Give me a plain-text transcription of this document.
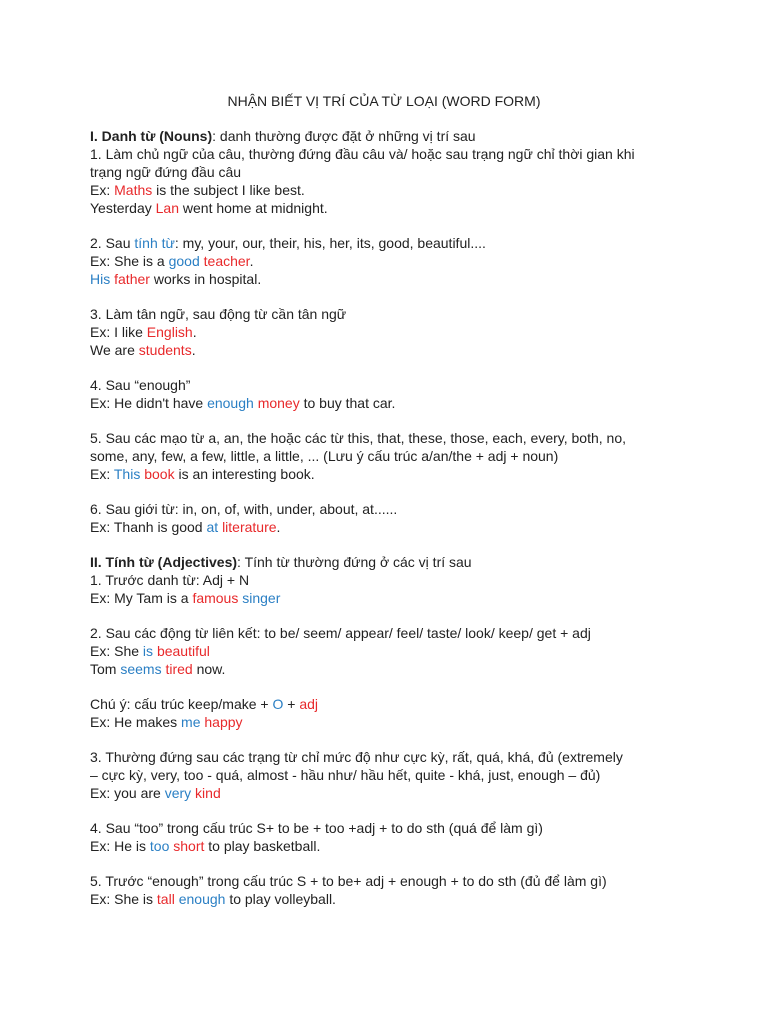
NHẬN BIẾT VỊ TRÍ CỦA TỪ LOẠI (WORD FORM)
I. Danh từ (Nouns): danh thường được đặt ở những vị trí sau
1. Làm chủ ngữ của câu, thường đứng đầu câu và/ hoặc sau trạng ngữ chỉ thời gian khi
trạng ngữ đứng đầu câu
Ex: Maths is the subject I like best.
Yesterday Lan went home at midnight.
2. Sau tính từ: my, your, our, their, his, her, its, good, beautiful....
Ex: She is a good teacher.
His father works in hospital.
3. Làm tân ngữ, sau động từ cần tân ngữ
Ex: I like English.
We are students.
4. Sau “enough”
Ex: He didn't have enough money to buy that car.
5. Sau các mạo từ a, an, the hoặc các từ this, that, these, those, each, every, both, no,
some, any, few, a few, little, a little, ... (Lưu ý cấu trúc a/an/the + adj + noun)
Ex: This book is an interesting book.
6. Sau giới từ: in, on, of, with, under, about, at......
Ex: Thanh is good at literature.
II. Tính từ (Adjectives): Tính từ thường đứng ở các vị trí sau
1. Trước danh từ: Adj + N
Ex: My Tam is a famous singer
2. Sau các động từ liên kết: to be/ seem/ appear/ feel/ taste/ look/ keep/ get + adj
Ex: She is beautiful
Tom seems tired now.
Chú ý: cấu trúc keep/make + O + adj
Ex: He makes me happy
3. Thường đứng sau các trạng từ chỉ mức độ như cực kỳ, rất, quá, khá, đủ (extremely
– cực kỳ, very, too - quá, almost - hầu như/ hầu hết, quite - khá, just, enough – đủ)
Ex: you are very kind
4. Sau “too” trong cấu trúc S+ to be + too +adj + to do sth (quá để làm gì)
Ex: He is too short to play basketball.
5. Trước “enough” trong cấu trúc S + to be+ adj + enough + to do sth (đủ để làm gì)
Ex: She is tall enough to play volleyball.
